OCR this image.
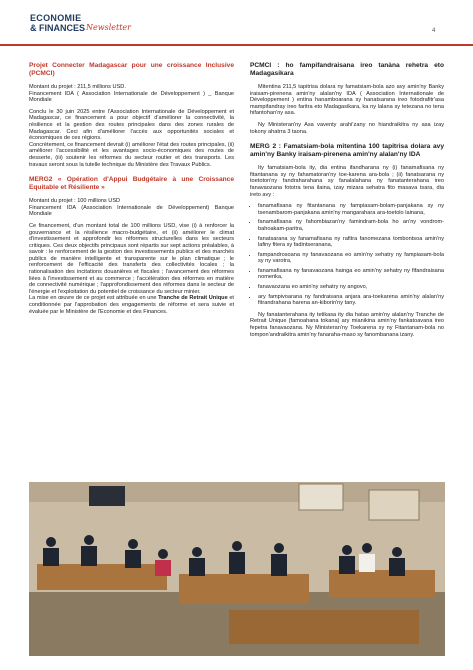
ECONOMIE
& FINANCES Newsletter	4
Projet Connecter Madagascar pour une croissance Inclusive (PCMCI)

Montant du projet : 211,5 millions USD.

Financement IDA ( Association Internationale de Développement ) _ Banque Mondiale

Conclu le 30 juin 2025 entre l'Association Internationale de Développement et Madagascar, ce financement a pour objectif d'améliorer la connectivité, la résilience et la gestion des routes principales dans des zones rurales de Madagascar. Ceci afin d'améliorer l'accès aux opportunités sociales et économiques de ces régions.

Concrètement, ce financement devrait (i) améliorer l'état des routes principales, (ii) améliorer l'accessibilité et les avantages socio-économiques des routes de desserte, (iii) soutenir les réformes du secteur routier et des transports. Les travaux seront sous la tutelle technique du Ministère des Travaux Publics.

MERG2 « Opération d'Appui Budgétaire à une Croissance Equitable et Résiliente »

Montant du projet : 100 millions USD

Financement IDA (Association Internationale de Développement) Banque Mondiale

Ce financement, d'un montant total de 100 millions USD, vise (i) à renforcer la gouvernance et la résilience macro-budgétaire, et (ii) améliorer le climat d'investissement et approfondir les réformes structurelles dans les secteurs critiques. Ces deux objectifs principaux sont répartis sur sept actions préalables, à savoir : le renforcement de la gestion des investissements publics et des marchés publics de manière intelligente et transparente sur le plan climatique ; le renforcement de l'efficacité des transferts des collectivités locales ; la rationalisation des incitations douanières et fiscales ; l'avancement des réformes liées à l'investissement et au commerce ; l'accélération des réformes en matière de connectivité numérique ; l'approfondissement des réformes dans le secteur de l'énergie et l'exploitation du potentiel de croissance du secteur minier.

La mise en œuvre de ce projet est attribuée en une Tranche de Retrait Unique et conditionnée par l'approbation des engagements de réforme et sera suivie et évaluée par le Ministère de l'Economie et des Finances.

PCMCI : ho fampifandraisana ireo tanàna rehetra eto Madagasikara

Mitentina 211,5 tapitrisa dolara ny famatsiam-bola azo avy amin'ny Banky iraisam-pirenena amin'ny alalan'ny IDA ( Association Internationale de Développement ) entina hanamboarana sy hanatsarana ireo fotodrafitr'asa mampifandray ireo faritra eto Madagasikara, ka ny lalana sy tetezana no tena hifantohan'ny asa.

Ny Ministeran'ny Asa vaventy arahiʼzany no hiandraikitra ny asa izay tokony ahatrra 3 taona.

MERG 2 : Famatsiam-bola mitentina 100 tapitrisa dolara avy amin'ny Banky iraisam-pirenena amin'ny alalan'ny IDA

Ity famatsiam-bola ity, dia entina ifandharana ny (i) fanamafisana ny fitantanana sy ny fahamatoran'ny toe-karena ara-bola ; (ii) fanatsarana ny toetoton'ny fandraharahana sy fanalalahana ny fanatanterahana ireo fanavaozana fototra tena ilaina, izay mizara sehatra fito masava tsara, dia ireto avy :

• fanamafisana ny fitantanana ny fampiasam-bolam-panjakana sy ny tsenambarom-panjakana amin'ny mangarahara ara-toetolo lainana,
• fanamafisana ny fahombiazan'ny famindram-bola ho an'ny vondrom-bahoakam-paritra,
• fanatsarana sy fanamafisana ny rafitra fanomezana tombontsoa amin'ny lafiny fitera sy fadintseranana,
• fampandrosoana ny fanavaozana eo amin'ny sehatry ny fampiasam-bola sy ny varotra,
• fanamafisana ny fanavaozana hainga eo amin'ny sehatry ny fifandraisana nomerika,
• fanavaozana eo amin'ny sehatry ny angovo,
• ary fampivoarana ny fandraisana anjara ara-toekarena amin'ny alalan'ny fitrandrahana harena an-kiborin'ny tany.

Ny fanatanterahana ity tetikasa ity dia hatao amin'ny alalan'ny Tranche de Retrait Unique (famoahana tokana) ary mianikina amin'ny fankatoavana ireo fepetra fanavaozana. Ny Ministeran'ny Toekarena sy ny Fitantanam-bola no tompon'andraikitra amin'ny fanaraha-maso sy fanombanana izany.
